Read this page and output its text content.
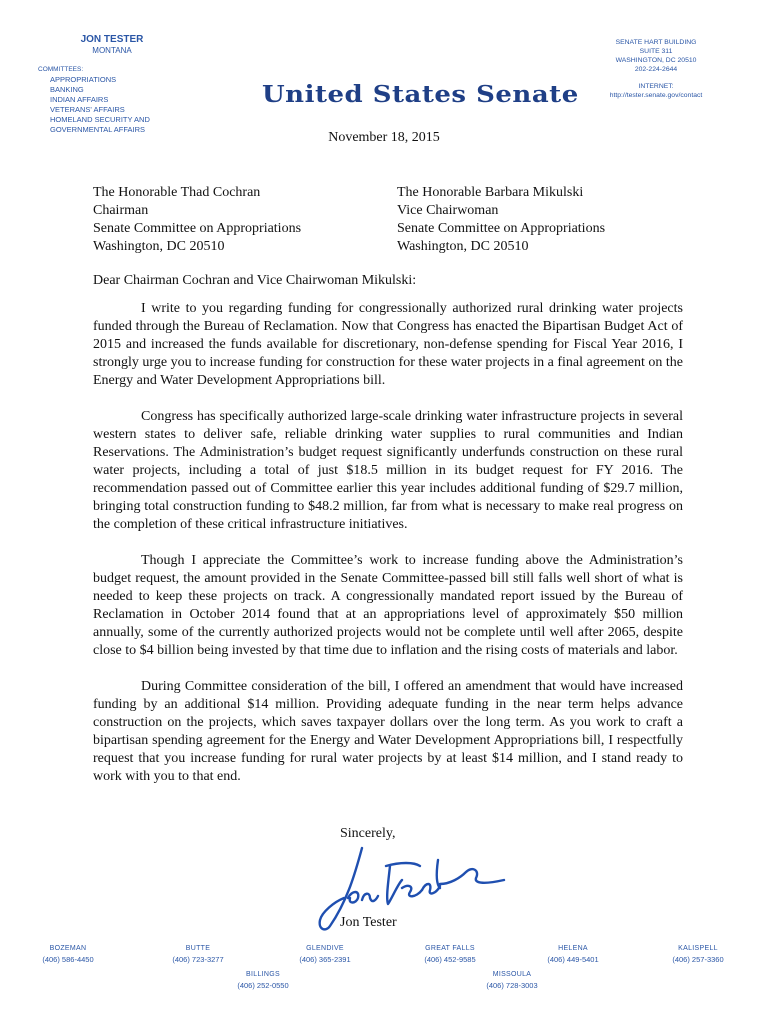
JON TESTER
MONTANA
COMMITTEES:
APPROPRIATIONS
BANKING
INDIAN AFFAIRS
VETERANS' AFFAIRS
HOMELAND SECURITY AND
GOVERNMENTAL AFFAIRS
United States Senate
SENATE HART BUILDING
SUITE 311
WASHINGTON, DC 20510
202-224-2644
INTERNET:
http://tester.senate.gov/contact
November 18, 2015
The Honorable Thad Cochran
Chairman
Senate Committee on Appropriations
Washington, DC 20510
The Honorable Barbara Mikulski
Vice Chairwoman
Senate Committee on Appropriations
Washington, DC 20510
Dear Chairman Cochran and Vice Chairwoman Mikulski:

I write to you regarding funding for congressionally authorized rural drinking water projects funded through the Bureau of Reclamation. Now that Congress has enacted the Bipartisan Budget Act of 2015 and increased the funds available for discretionary, non-defense spending for Fiscal Year 2016, I strongly urge you to increase funding for construction for these water projects in a final agreement on the Energy and Water Development Appropriations bill.

Congress has specifically authorized large-scale drinking water infrastructure projects in several western states to deliver safe, reliable drinking water supplies to rural communities and Indian Reservations. The Administration’s budget request significantly underfunds construction on these rural water projects, including a total of just $18.5 million in its budget request for FY 2016. The recommendation passed out of Committee earlier this year includes additional funding of $29.7 million, bringing total construction funding to $48.2 million, far from what is necessary to make real progress on the completion of these critical infrastructure initiatives.

Though I appreciate the Committee’s work to increase funding above the Administration’s budget request, the amount provided in the Senate Committee-passed bill still falls well short of what is needed to keep these projects on track. A congressionally mandated report issued by the Bureau of Reclamation in October 2014 found that at an appropriations level of approximately $50 million annually, some of the currently authorized projects would not be complete until well after 2065, despite close to $4 billion being invested by that time due to inflation and the rising costs of materials and labor.

During Committee consideration of the bill, I offered an amendment that would have increased funding by an additional $14 million. Providing adequate funding in the near term helps advance construction on the projects, which saves taxpayer dollars over the long term. As you work to craft a bipartisan spending agreement for the Energy and Water Development Appropriations bill, I respectfully request that you increase funding for rural water projects by at least $14 million, and I stand ready to work with you to that end.

Sincerely,
Jon Tester
BOZEMAN
(406) 586-4450
BUTTE
(406) 723-3277
GLENDIVE
(406) 365-2391
GREAT FALLS
(406) 452-9585
HELENA
(406) 449-5401
KALISPELL
(406) 257-3360
BILLINGS
(406) 252-0550
MISSOULA
(406) 728-3003
